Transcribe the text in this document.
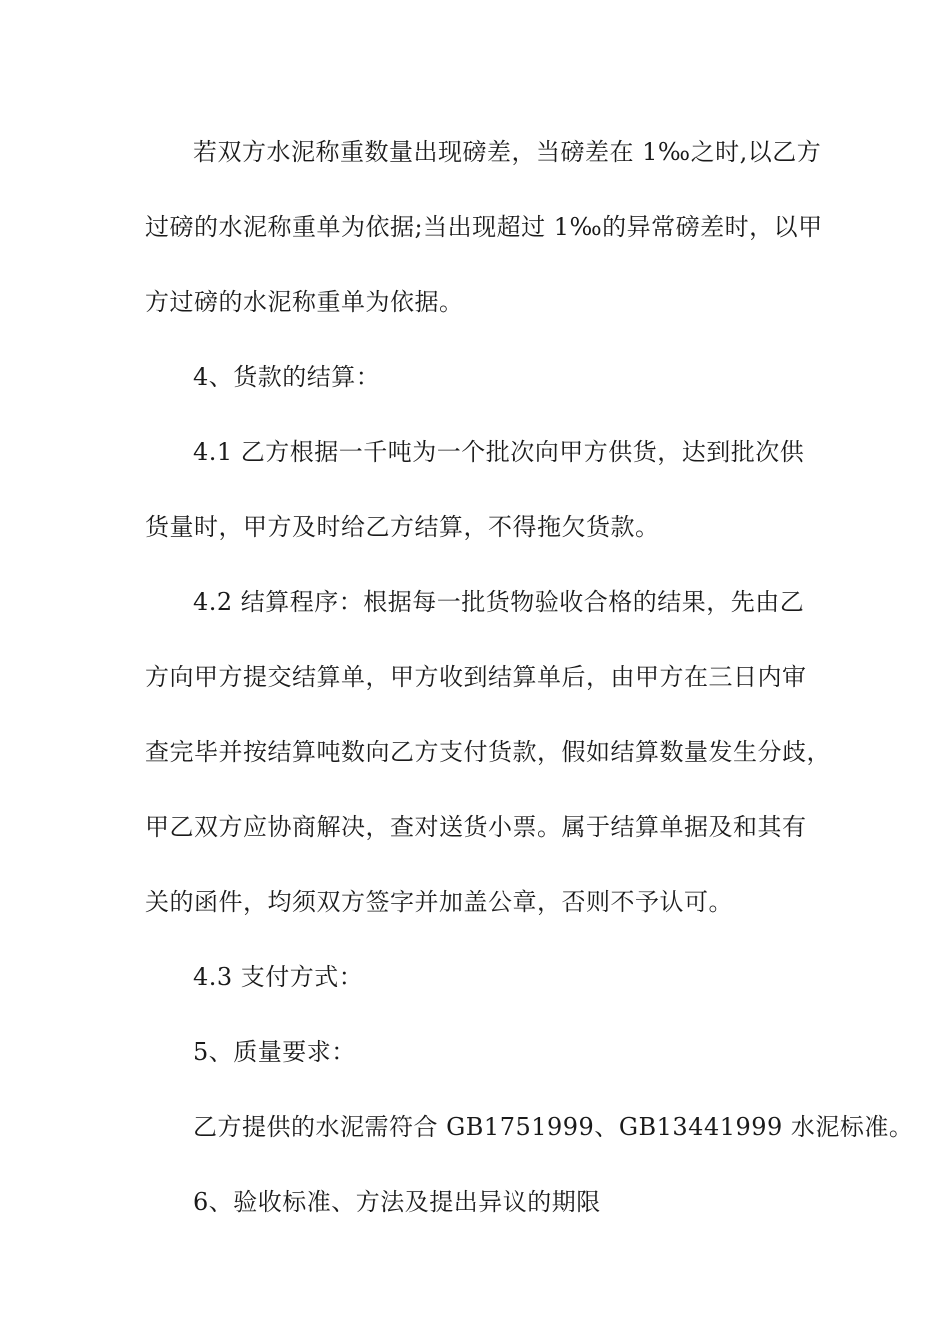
若双方水泥称重数量出现磅差，当磅差在 1‰之时,以乙方
过磅的水泥称重单为依据;当出现超过 1‰的异常磅差时，以甲
方过磅的水泥称重单为依据。
4、货款的结算：
4.1 乙方根据一千吨为一个批次向甲方供货，达到批次供
货量时，甲方及时给乙方结算，不得拖欠货款。
4.2 结算程序：根据每一批货物验收合格的结果，先由乙
方向甲方提交结算单，甲方收到结算单后，由甲方在三日内审
查完毕并按结算吨数向乙方支付货款，假如结算数量发生分歧，
甲乙双方应协商解决，查对送货小票。属于结算单据及和其有
关的函件，均须双方签字并加盖公章，否则不予认可。
4.3 支付方式：
5、质量要求：
乙方提供的水泥需符合 GB1751999、GB13441999 水泥标准。
6、验收标准、方法及提出异议的期限
